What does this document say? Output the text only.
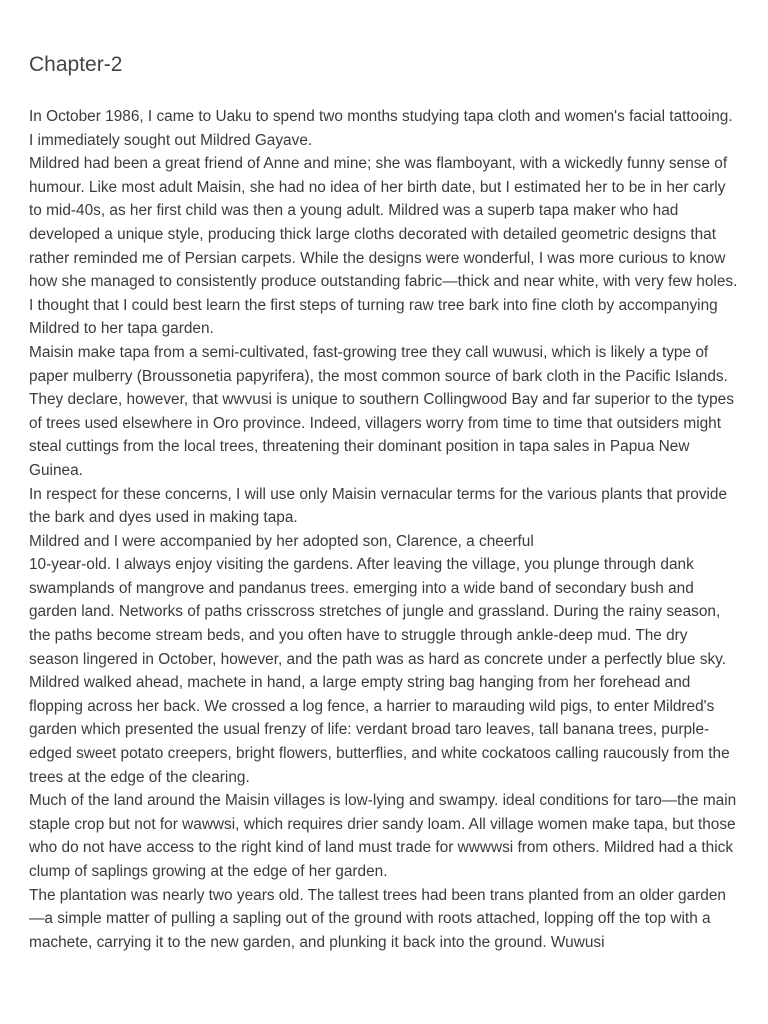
Chapter-2

In October 1986, I came to Uaku to spend two months studying tapa cloth and women's facial tattooing. I immediately sought out Mildred Gayave.

Mildred had been a great friend of Anne and mine; she was flamboyant, with a wickedly funny sense of humour. Like most adult Maisin, she had no idea of her birth date, but I estimated her to be in her carly to mid-40s, as her first child was then a young adult. Mildred was a superb tapa maker who had developed a unique style, producing thick large cloths decorated with detailed geometric designs that rather reminded me of Persian carpets. While the designs were wonderful, I was more curious to know how she managed to consistently produce outstanding fabric—thick and near white, with very few holes. I thought that I could best learn the first steps of turning raw tree bark into fine cloth by accompanying Mildred to her tapa garden.

Maisin make tapa from a semi-cultivated, fast-growing tree they call wuwusi, which is likely a type of paper mulberry (Broussonetia papyrifera), the most common source of bark cloth in the Pacific Islands. They declare, however, that wwvusi is unique to southern Collingwood Bay and far superior to the types of trees used elsewhere in Oro province. Indeed, villagers worry from time to time that outsiders might steal cuttings from the local trees, threatening their dominant position in tapa sales in Papua New Guinea.

In respect for these concerns, I will use only Maisin vernacular terms for the various plants that provide the bark and dyes used in making tapa.

Mildred and I were accompanied by her adopted son, Clarence, a cheerful

10-year-old. I always enjoy visiting the gardens. After leaving the village, you plunge through dank swamplands of mangrove and pandanus trees. emerging into a wide band of secondary bush and garden land. Networks of paths crisscross stretches of jungle and grassland. During the rainy season, the paths become stream beds, and you often have to struggle through ankle-deep mud. The dry season lingered in October, however, and the path was as hard as concrete under a perfectly blue sky. Mildred walked ahead, machete in hand, a large empty string bag hanging from her forehead and flopping across her back. We crossed a log fence, a harrier to marauding wild pigs, to enter Mildred's garden which presented the usual frenzy of life: verdant broad taro leaves, tall banana trees, purple-edged sweet potato creepers, bright flowers, butterflies, and white cockatoos calling raucously from the trees at the edge of the clearing.

Much of the land around the Maisin villages is low-lying and swampy. ideal conditions for taro—the main staple crop but not for wawwsi, which requires drier sandy loam. All village women make tapa, but those who do not have access to the right kind of land must trade for wwwwsi from others. Mildred had a thick clump of saplings growing at the edge of her garden.

The plantation was nearly two years old. The tallest trees had been trans planted from an older garden—a simple matter of pulling a sapling out of the ground with roots attached, lopping off the top with a machete, carrying it to the new garden, and plunking it back into the ground. Wuwusi
